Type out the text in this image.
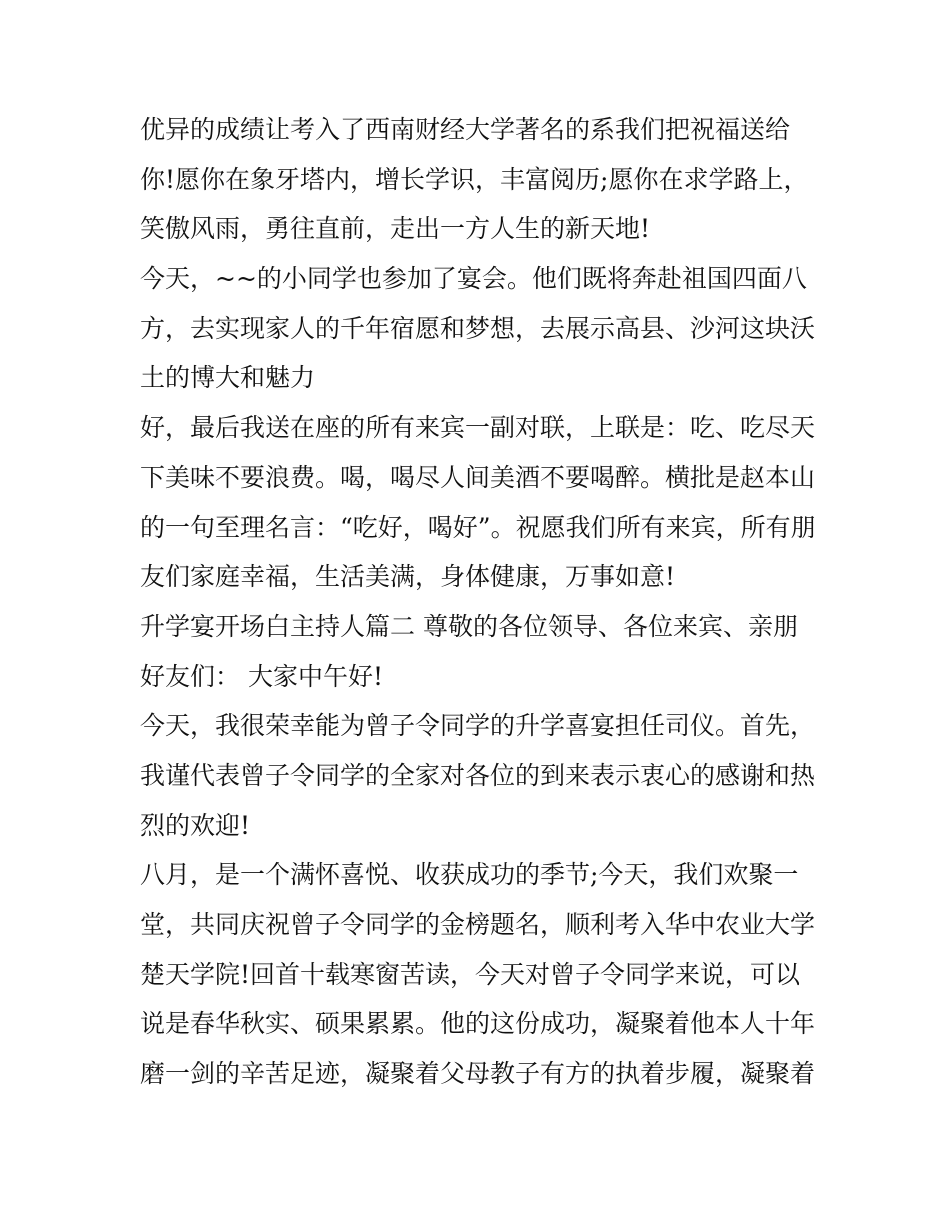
优异的成绩让考入了西南财经大学著名的系我们把祝福送给
你!愿你在象牙塔内，增长学识，丰富阅历;愿你在求学路上，
笑傲风雨，勇往直前，走出一方人生的新天地!
今天，~~的小同学也参加了宴会。他们既将奔赴祖国四面八
方，去实现家人的千年宿愿和梦想，去展示高县、沙河这块沃
土的博大和魅力
好，最后我送在座的所有来宾一副对联，上联是：吃、吃尽天
下美味不要浪费。喝，喝尽人间美酒不要喝醉。横批是赵本山
的一句至理名言：“吃好，喝好”。祝愿我们所有来宾，所有朋
友们家庭幸福，生活美满，身体健康，万事如意!
升学宴开场白主持人篇二 尊敬的各位领导、各位来宾、亲朋
好友们： 大家中午好!
今天，我很荣幸能为曾子令同学的升学喜宴担任司仪。首先，
我谨代表曾子令同学的全家对各位的到来表示衷心的感谢和热
烈的欢迎!
八月，是一个满怀喜悦、收获成功的季节;今天，我们欢聚一
堂，共同庆祝曾子令同学的金榜题名，顺利考入华中农业大学
楚天学院!回首十载寒窗苦读，今天对曾子令同学来说，可以
说是春华秋实、硕果累累。他的这份成功，凝聚着他本人十年
磨一剑的辛苦足迹，凝聚着父母教子有方的执着步履，凝聚着
